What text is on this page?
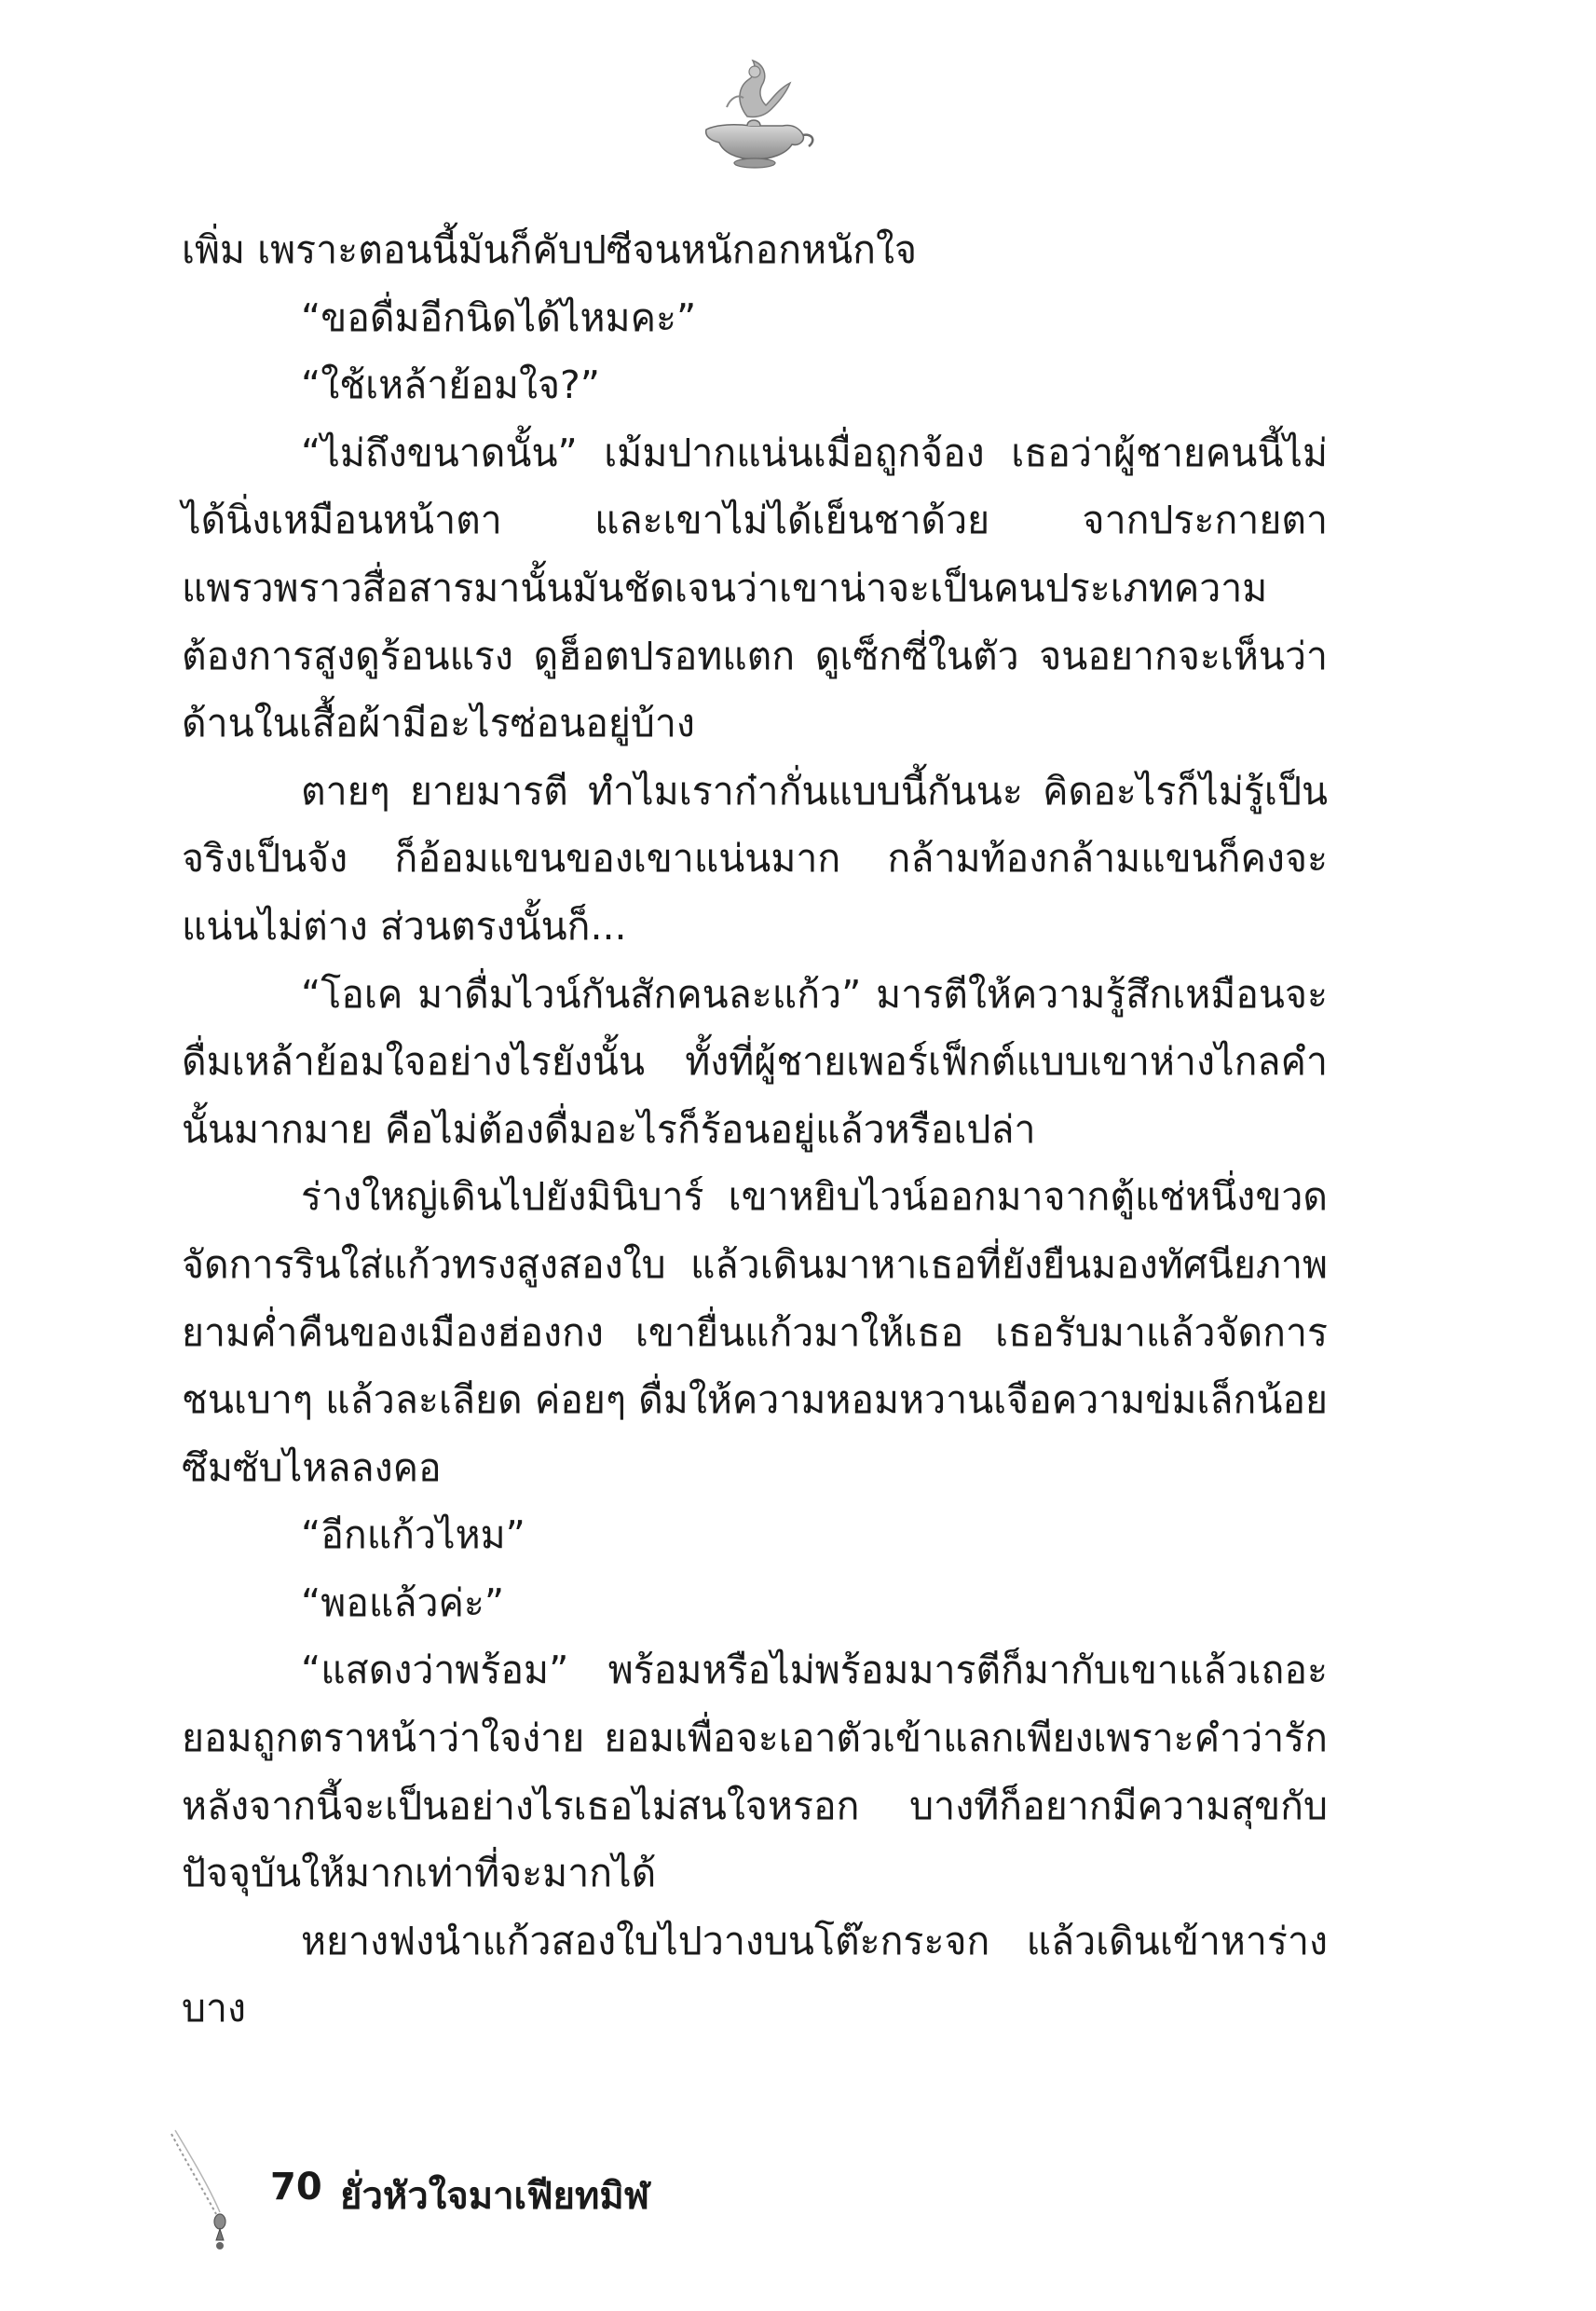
เพิ่ม เพราะตอนนี้มันก็คับปซีจนหนักอกหนักใจ

“ขอดื่มอีกนิดได้ไหมคะ”

“ใช้เหล้าย้อมใจ?”

“ไม่ถึงขนาดนั้น” เม้มปากแน่นเมื่อถูกจ้อง เธอว่าผู้ชายคนนี้ไม่ได้นิ่งเหมือนหน้าตา และเขาไม่ได้เย็นชาด้วย จากประกายตาแพรวพราวสื่อสารมานั้นมันชัดเจนว่าเขาน่าจะเป็นคนประเภทความต้องการสูงดูร้อนแรง ดูฮ็อตปรอทแตก ดูเซ็กซี่ในตัว จนอยากจะเห็นว่าด้านในเสื้อผ้ามีอะไรซ่อนอยู่บ้าง

ตายๆ ยายมารตี ทำไมเราก๋ากั่นแบบนี้กันนะ คิดอะไรก็ไม่รู้เป็นจริงเป็นจัง ก็อ้อมแขนของเขาแน่นมาก กล้ามท้องกล้ามแขนก็คงจะแน่นไม่ต่าง ส่วนตรงนั้นก็...

“โอเค มาดื่มไวน์กันสักคนละแก้ว” มารตีให้ความรู้สึกเหมือนจะดื่มเหล้าย้อมใจอย่างไรยังนั้น ทั้งที่ผู้ชายเพอร์เฟ็กต์แบบเขาห่างไกลคำนั้นมากมาย คือไม่ต้องดื่มอะไรก็ร้อนอยู่แล้วหรือเปล่า

ร่างใหญ่เดินไปยังมินิบาร์ เขาหยิบไวน์ออกมาจากตู้แช่หนึ่งขวดจัดการรินใส่แก้วทรงสูงสองใบ แล้วเดินมาหาเธอที่ยังยืนมองทัศนียภาพยามค่ำคืนของเมืองฮ่องกง เขายื่นแก้วมาให้เธอ เธอรับมาแล้วจัดการชนเบาๆ แล้วละเลียด ค่อยๆ ดื่มให้ความหอมหวานเจือความข่มเล็กน้อยซึมซับไหลลงคอ

“อีกแก้วไหม”

“พอแล้วค่ะ”

“แสดงว่าพร้อม” พร้อมหรือไม่พร้อมมารตีก็มากับเขาแล้วเถอะยอมถูกตราหน้าว่าใจง่าย ยอมเพื่อจะเอาตัวเข้าแลกเพียงเพราะคำว่ารักหลังจากนี้จะเป็นอย่างไรเธอไม่สนใจหรอก บางทีก็อยากมีความสุขกับปัจจุบันให้มากเท่าที่จะมากได้

หยางฟงนำแก้วสองใบไปวางบนโต๊ะกระจก แล้วเดินเข้าหาร่างบาง

70 ยั่วหัวใจมาเฟียทมิฬ
